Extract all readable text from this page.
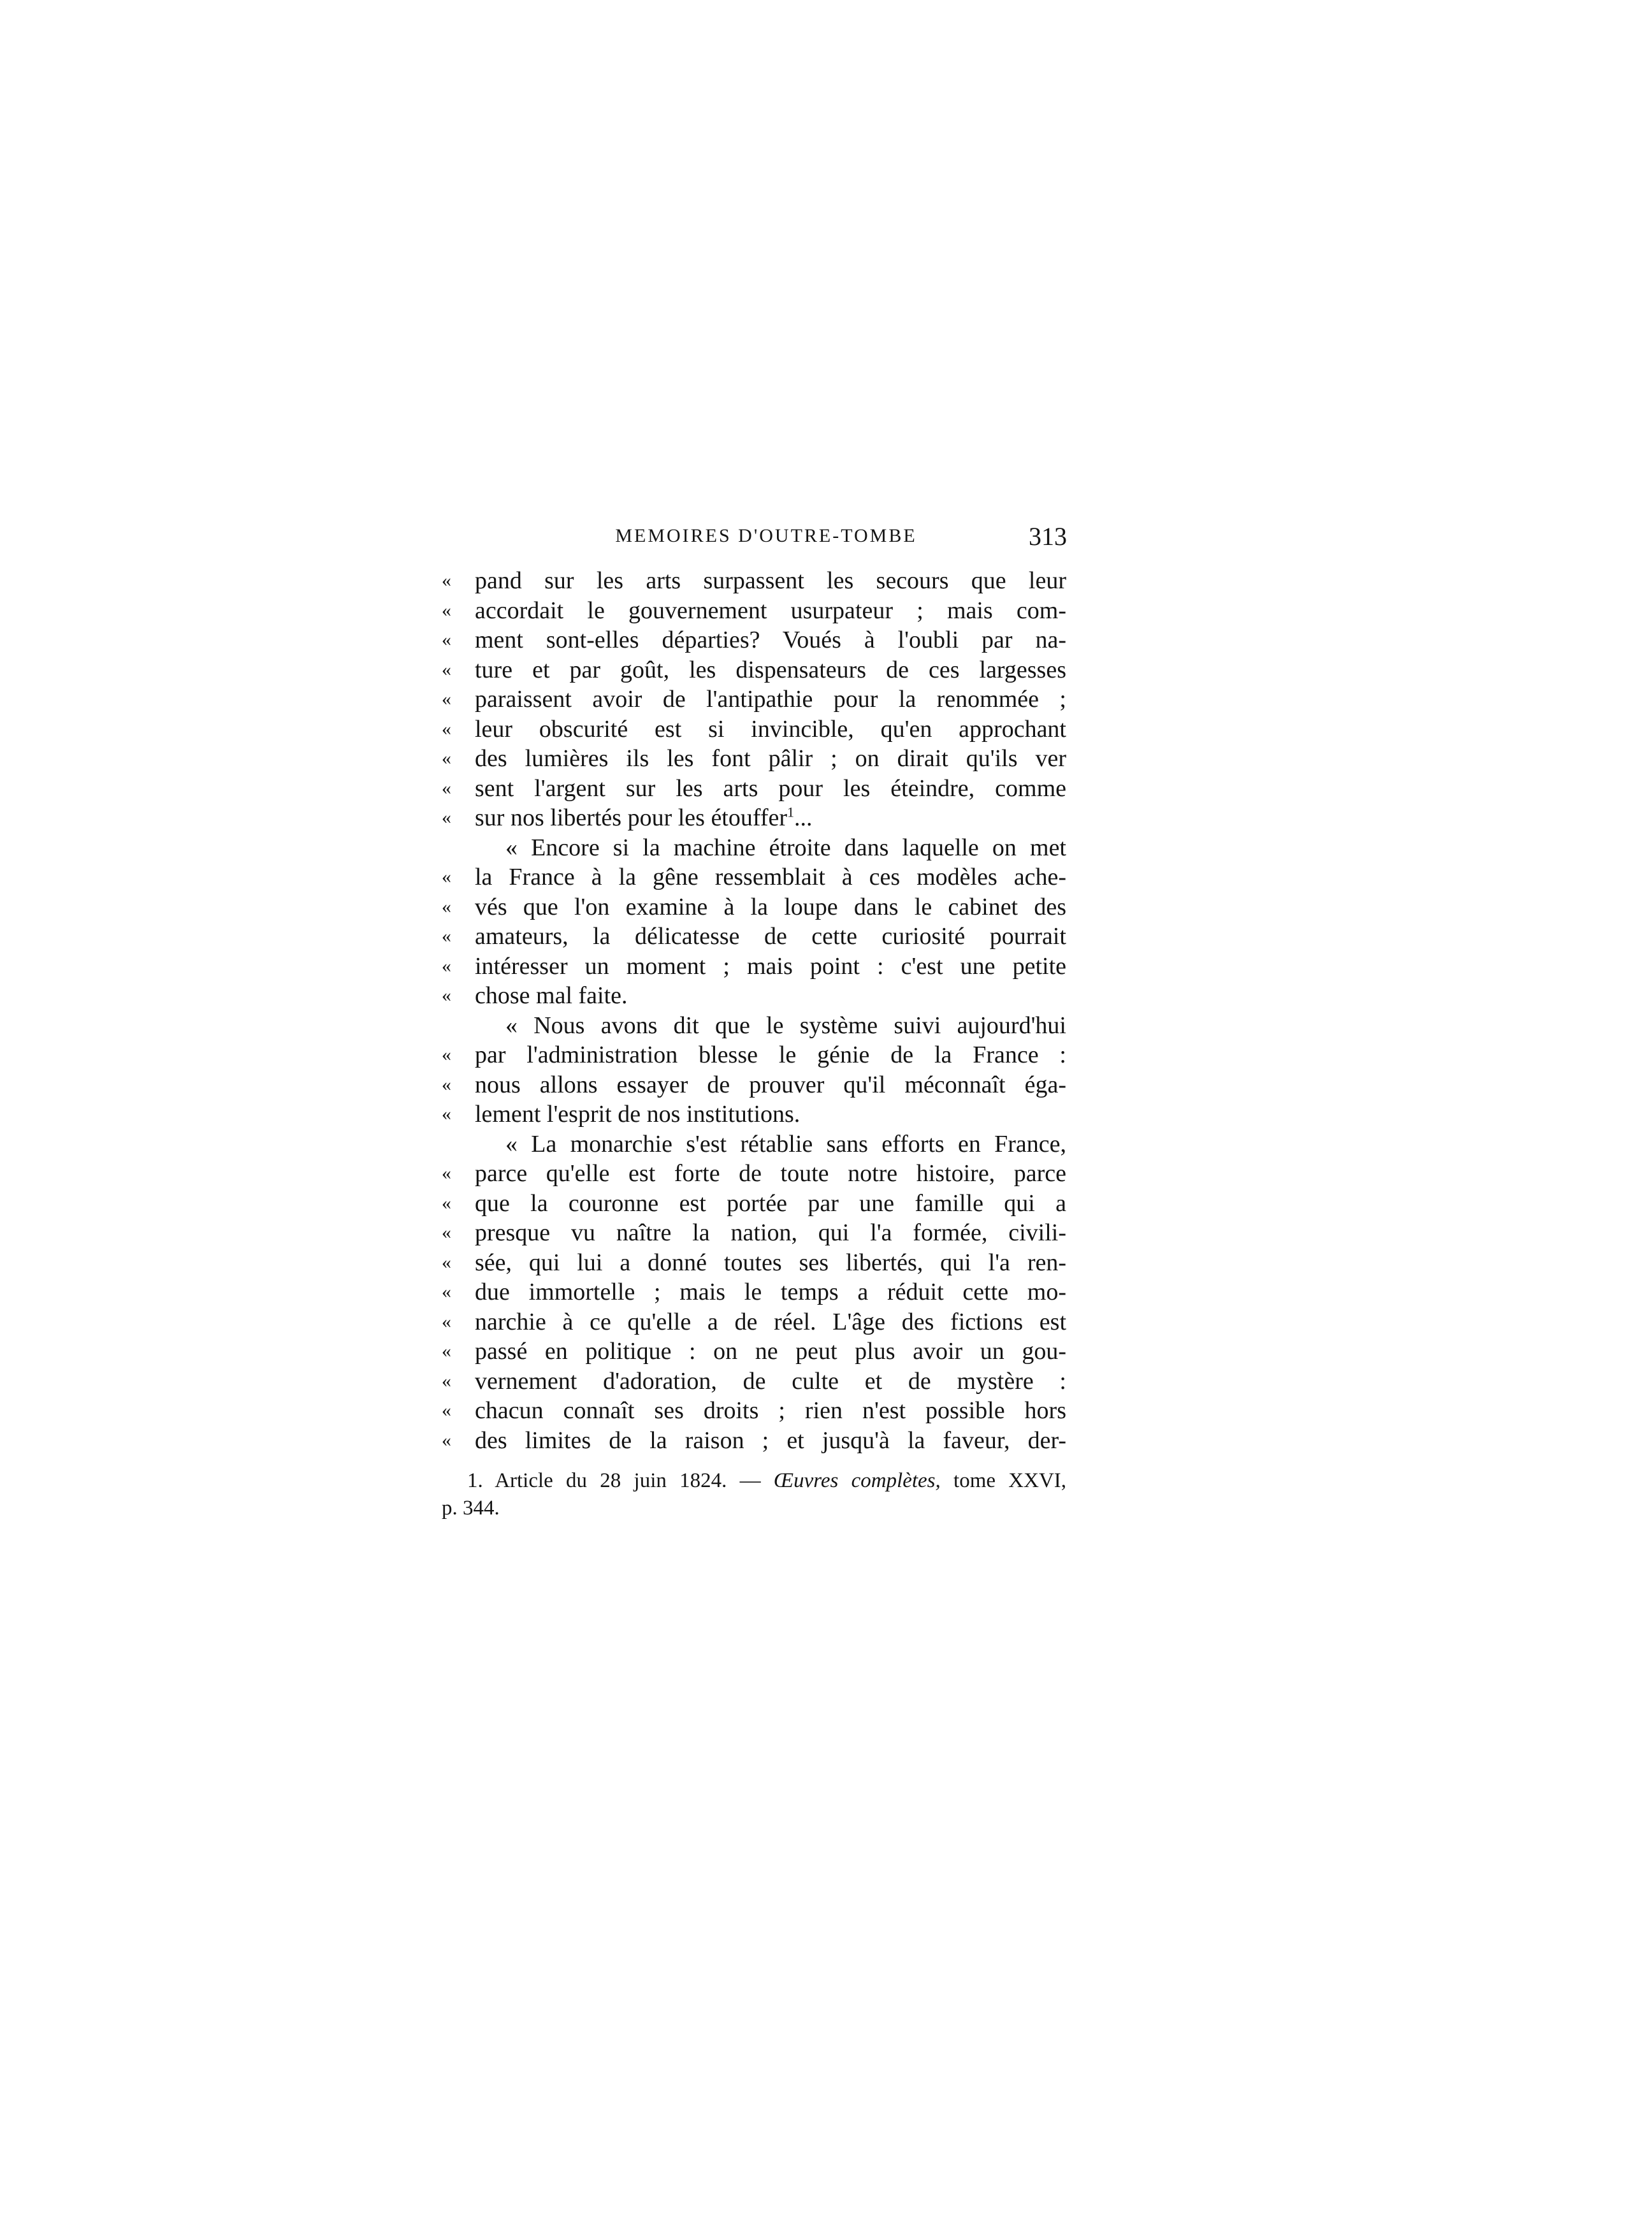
MEMOIRES D'OUTRE-TOMBE	313
« pand sur les arts surpassent les secours que leur
« accordait le gouvernement usurpateur ; mais com-
« ment sont-elles départies? Voués à l'oubli par na-
« ture et par goût, les dispensateurs de ces largesses
« paraissent avoir de l'antipathie pour la renommée ;
« leur obscurité est si invincible, qu'en approchant
« des lumières ils les font pâlir ; on dirait qu'ils ver
« sent l'argent sur les arts pour les éteindre, comme
« sur nos libertés pour les étouffer$^1$...
« Encore si la machine étroite dans laquelle on met
« la France à la gêne ressemblait à ces modèles ache-
« vés que l'on examine à la loupe dans le cabinet des
« amateurs, la délicatesse de cette curiosité pourrait
« intéresser un moment ; mais point : c'est une petite
« chose mal faite.
« Nous avons dit que le système suivi aujourd'hui
« par l'administration blesse le génie de la France :
« nous allons essayer de prouver qu'il méconnaît éga-
« lement l'esprit de nos institutions.
« La monarchie s'est rétablie sans efforts en France,
« parce qu'elle est forte de toute notre histoire, parce
« que la couronne est portée par une famille qui a
« presque vu naître la nation, qui l'a formée, civili-
« sée, qui lui a donné toutes ses libertés, qui l'a ren-
« due immortelle ; mais le temps a réduit cette mo-
« narchie à ce qu'elle a de réel. L'âge des fictions est
« passé en politique : on ne peut plus avoir un gou-
« vernement d'adoration, de culte et de mystère :
« chacun connaît ses droits ; rien n'est possible hors
« des limites de la raison ; et jusqu'à la faveur, der-
1. Article du 28 juin 1824. — Œuvres complètes, tome XXVI,
p. 344.
